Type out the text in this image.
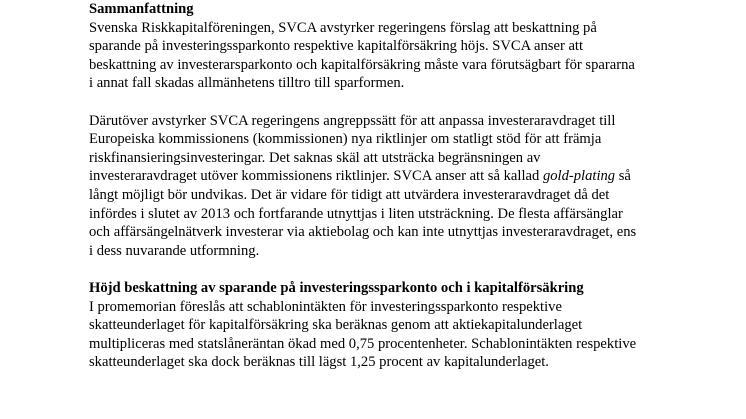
Sammanfattning

Svenska Riskkapitalföreningen, SVCA avstyrker regeringens förslag att beskattning på
sparande på investeringssparkonto respektive kapitalförsäkring höjs. SVCA anser att
beskattning av investerarsparkonto och kapitalförsäkring måste vara förutsägbart för spararna
i annat fall skadas allmänhetens tilltro till sparformen.

Därutöver avstyrker SVCA regeringens angreppssätt för att anpassa investeraravdraget till
Europeiska kommissionens (kommissionen) nya riktlinjer om statligt stöd för att främja
riskfinansieringsinvesteringar. Det saknas skäl att utsträcka begränsningen av
investeraravdraget utöver kommissionens riktlinjer. SVCA anser att så kallad gold-plating så
långt möjligt bör undvikas. Det är vidare för tidigt att utvärdera investeraravdraget då det
infördes i slutet av 2013 och fortfarande utnyttjas i liten utsträckning. De flesta affärsänglar
och affärsängelnätverk investerar via aktiebolag och kan inte utnyttjas investeraravdraget, ens
i dess nuvarande utformning.

Höjd beskattning av sparande på investeringssparkonto och i kapitalförsäkring

I promemorian föreslås att schablonintäkten för investeringssparkonto respektive
skatteunderlaget för kapitalförsäkring ska beräknas genom att aktiekapitalunderlaget
multipliceras med statslåneräntan ökad med 0,75 procentenheter. Schablonintäkten respektive
skatteunderlaget ska dock beräknas till lägst 1,25 procent av kapitalunderlaget.
